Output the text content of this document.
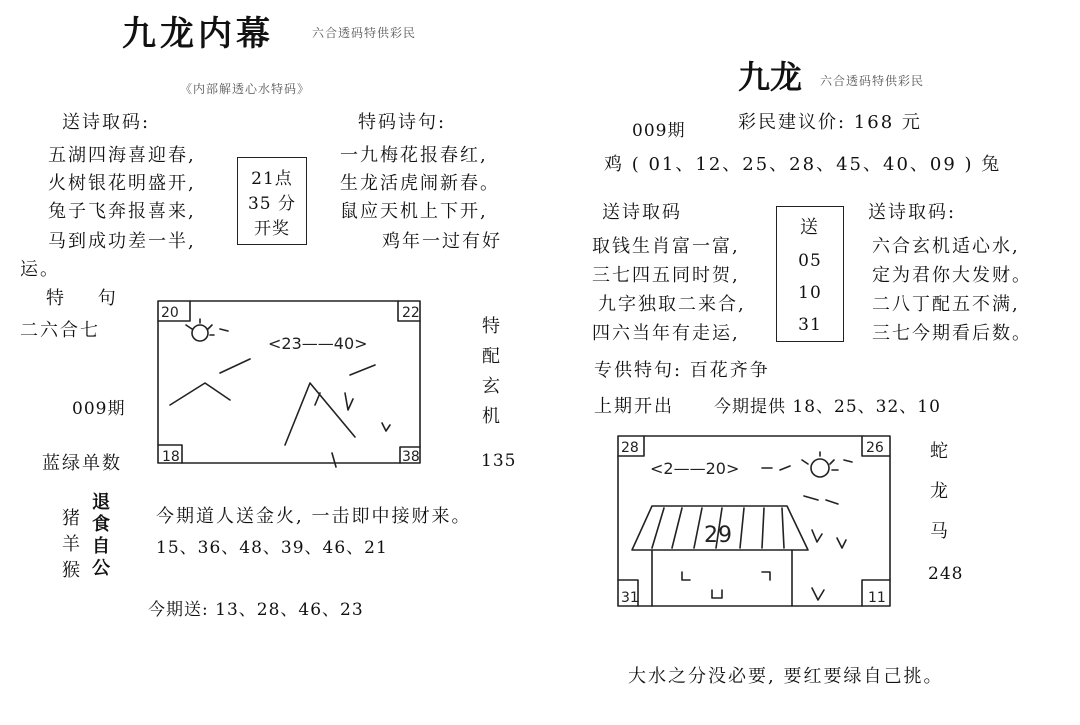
九龙内幕	六合透码特供彩民
《内部解透心水特码》
送诗取码:	特码诗句:
五湖四海喜迎春,
火树银花明盛开,
兔子飞奔报喜来,
马到成功差一半,
一九梅花报春红,
生龙活虎闹新春。
鼠应天机上下开,
鸡年一过有好
运。
21点
35 分
开奖
特 句
二六合七
009期
蓝绿单数
特
配
玄
机
135
20	22
18	38
<23——40>
猪
羊
猴
退
食
自
公
今期道人送金火, 一击即中接财来。
15、36、48、39、46、21
今期送: 13、28、46、23
九龙 六合透码特供彩民
009期	彩民建议价: 168 元
鸡 ( 01、12、25、28、45、40、09 ) 兔
送诗取码	送诗取码:
取钱生肖富一富,
三七四五同时贺,
九字独取二来合,
四六当年有走运,
六合玄机适心水,
定为君你大发财。
二八丁配五不满,
三七今期看后数。
送
05
10
31
专供特句: 百花齐争
上期开出 今期提供 18、25、32、10
28	26
31	11
<2——20>
29
蛇
龙
马
248
大水之分没必要, 要红要绿自己挑。
